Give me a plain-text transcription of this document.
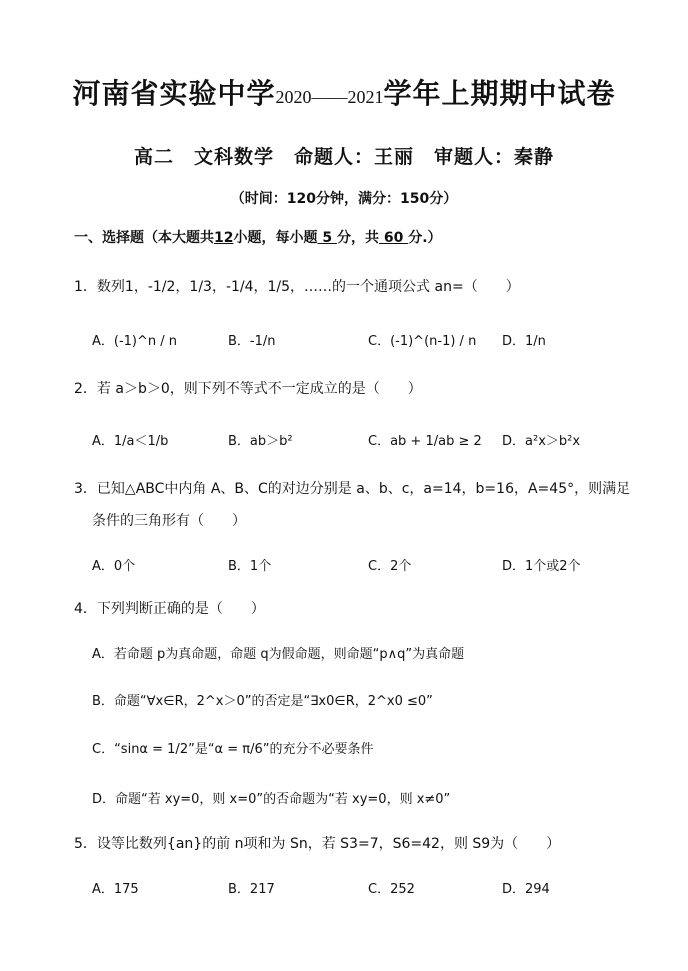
河南省实验中学2020——2021学年上期期中试卷
高二　文科数学　命题人：王丽　审题人：秦静
（时间：120分钟，满分：150分）
一、选择题（本大题共12小题，每小题 5 分，共 60 分.）
1．数列1，-1/2，1/3，-1/4，1/5，……的一个通项公式 an=（　　）
A．(-1)^n / n	B．-1/n	C．(-1)^(n-1) / n D．1/n
2．若 a＞b＞0，则下列不等式不一定成立的是（　　）
A．1/a＜1/b	B．ab＞b²	C．ab + 1/ab ≥ 2 D．a²x＞b²x
3．已知△ABC中内角 A、B、C的对边分别是 a、b、c，a=14，b=16，A=45°，则满足
条件的三角形有（　　）
A．0个	B．1个	C．2个	D．1个或2个
4．下列判断正确的是（　　）
A．若命题 p为真命题，命题 q为假命题，则命题“p∧q”为真命题
B．命题“∀x∈R，2^x＞0”的否定是“∃x0∈R，2^x0 ≤0”
C．“sinα = 1/2”是“α = π/6”的充分不必要条件
D．命题“若 xy=0，则 x=0”的否命题为“若 xy=0，则 x≠0”
5．设等比数列{an}的前 n项和为 Sn，若 S3=7，S6=42，则 S9为（　　）
A．175	B．217	C．252	D．294
